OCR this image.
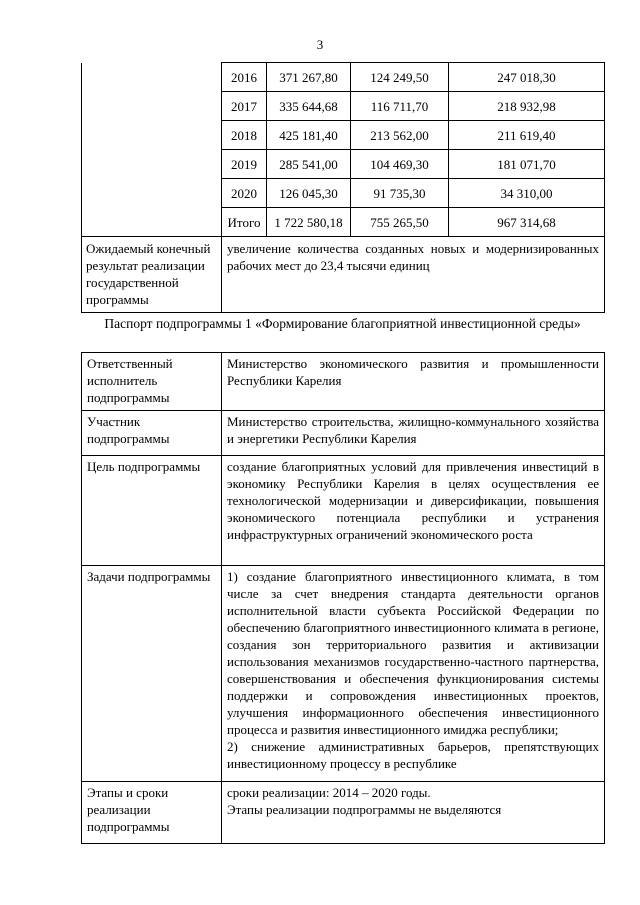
3
	2016	371 267,80	124 249,50	247 018,30
	2017	335 644,68	116 711,70	218 932,98
	2018	425 181,40	213 562,00	211 619,40
	2019	285 541,00	104 469,30	181 071,70
	2020	126 045,30	91 735,30	34 310,00
	Итого	1 722 580,18	755 265,50	967 314,68
Ожидаемый конечный результат реализации государственной программы	увеличение количества созданных новых и модернизированных рабочих мест до 23,4 тысячи единиц			
Паспорт подпрограммы 1 «Формирование благоприятной инвестиционной среды»
Ответственный исполнитель подпрограммы	Министерство экономического развития и промышленности Республики Карелия
Участник подпрограммы	Министерство строительства, жилищно-коммунального хозяйства и энергетики Республики Карелия
Цель подпрограммы	создание благоприятных условий для привлечения инвестиций в экономику Республики Карелия в целях осуществления ее технологической модернизации и диверсификации, повышения экономического потенциала республики и устранения инфраструктурных ограничений экономического роста
Задачи подпрограммы	1) создание благоприятного инвестиционного климата, в том числе за счет внедрения стандарта деятельности органов исполнительной власти субъекта Российской Федерации по обеспечению благоприятного инвестиционного климата в регионе, создания зон территориального развития и активизации использования механизмов государственно-частного партнерства, совершенствования и обеспечения функционирования системы поддержки и сопровождения инвестиционных проектов, улучшения информационного обеспечения инвестиционного процесса и развития инвестиционного имиджа республики;
2) снижение административных барьеров, препятствующих инвестиционному процессу в республике

Этапы и сроки реализации подпрограммы	сроки реализации: 2014 – 2020 годы.
Этапы реализации подпрограммы не выделяются
